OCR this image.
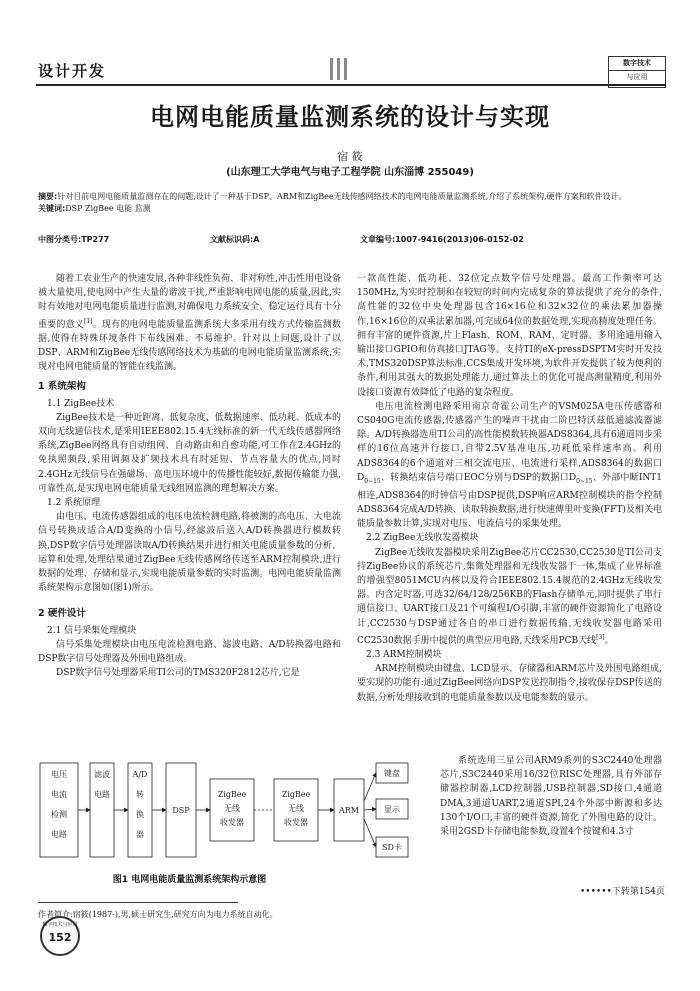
设计开发	数字技术
与应用
电网电能质量监测系统的设计与实现
宿 筱
(山东理工大学电气与电子工程学院 山东淄博 255049)
摘要:针对目前电网电能质量监测存在的问题,设计了一种基于DSP、ARM和ZigBee无线传感网络技术的电网电能质量监测系统,介绍了系统架构,硬件方案和软件设计。
关键词:DSP ZigBee 电能 监测
中图分类号:TP277	文献标识码:A	文章编号:1007-9416(2013)06-0152-02

随着工农业生产的快速发展,各种非线性负荷、非对称性,冲击性用电设备被大量使用,使电网中产生大量的谐波干扰,严重影响电网电能的质量,因此,实时有效地对电网电能质量进行监测,对确保电力系统安全、稳定运行具有十分重要的意义[1]。现有的电网电能质量监测系统大多采用有线方式传输监测数据,使得在特殊环境条件下布线困难、不易维护。针对以上问题,设计了以DSP、ARM和ZigBee无线传感网络技术为基础的电网电能质量监测系统,实现对电网电能质量的智能在线监测。

1 系统架构
1.1 ZigBee技术

ZigBee技术是一种近距离、低复杂度、低数据速率、低功耗、低成本的双向无线通信技术,是采用IEEE802.15.4无线标准的新一代无线传感器网络系统,ZigBee网络具有自动组网、自动路由和自愈功能,可工作在2.4GHz的免执照频段,采用调频及扩频技术具有时延短、节点容量大的优点,同时2.4GHz无线信号在强磁场、高电压环境中的传播性能较好,数据传输能力强,可靠性高,是实现电网电能质量无线组网监测的理想解决方案。

1.2 系统原理

由电压、电流传感器组成的电压电流检测电路,将被测的高电压、大电流信号转换成适合A/D变换的小信号,经滤波后送入A/D转换器进行模数转换,DSP数字信号处理器读取A/D转换结果并进行相关电能质量参数的分析、运算和处理,处理结果通过ZigBee无线传感网络传送至ARM控制模块,进行数据的处理、存储和显示,实现电能质量参数的实时监测。电网电能质量监测系统架构示意图如(图1)所示。

2 硬件设计
2.1 信号采集处理模块

信号采集处理模块由电压电流检测电路、滤波电路、A/D转换器电路和DSP数字信号处理器及外围电路组成。

DSP数字信号处理器采用TI公司的TMS320F2812芯片,它是

一款高性能、低功耗、32位定点数字信号处理器。最高工作频率可达150MHz,为实时控制和在较短的时间内完成复杂的算法提供了充分的条件,高性能的32位中央处理器包含16×16位和32×32位的乘法累加器操作,16×16位的双乘法累加器,可完成64位的数据处理,实现高精度处理任务。拥有丰富的硬件资源,片上Flash、ROM、RAM、定时器、多用途通用输入输出接口GPIO和仿真接口JTAG等。支持TI的eX-pressDSPTM实时开发技术,TMS320DSP算法标准,CCS集成开发环境,为软件开发提供了较为便利的条件,利用其强大的数据处理能力,通过算法上的优化可提高测量精度,利用外设接口资源有效降低了电路的复杂程度。

电压电流检测电路采用南京奇霍公司生产的VSM025A电压传感器和CS040G电流传感器,传感器产生的噪声干扰由二阶巴特沃兹低通滤波器滤除。A/D转换器选用TI公司的高性能模数转换器ADS8364,具有6通道同步采样的16位高速并行接口,自带2.5V基准电压,功耗低采样速率高。利用ADS8364的6个通道对三相交流电压、电流进行采样,ADS8364的数据口$D_{0\sim 15}$、转换结束信号端口EOC分别与DSP的数据口$D_{0\sim 15}$、外部中断INT1相连,ADS8364的时钟信号由DSP提供,DSP响应ARM控制模块的指令控制ADS8364完成A/D转换、读取转换数据,进行快速傅里叶变换(FFT)及相关电能质量参数计算,实现对电压、电流信号的采集处理。

2.2 ZigBee无线收发器模块

ZigBee无线收发器模块采用ZigBee芯片CC2530,CC2530是TI公司支持ZigBee协议的系统芯片,集微处理器和无线收发器于一体,集成了业界标准的增强型8051MCU内核以及符合IEEE802.15.4规范的2.4GHz无线收发器。内含定时器,可选32/64/128/256KB的Flash存储单元,同时提供了串行通信接口、UART接口及21个可编程I/O引脚,丰富的硬件资源简化了电路设计,CC2530与DSP通过各自的串口进行数据传输,无线收发器电路采用CC2530数据手册中提供的典型应用电路,天线采用PCB天线[3]。

2.3 ARM控制模块

ARM控制模块由键盘、LCD显示、存储器和ARM芯片及外围电路组成,要实现的功能有:通过ZigBee网络向DSP发送控制指令,接收保存DSP传送的数据,分析处理接收到的电能质量参数以及电能参数的显示。

电压电流检测电路
滤波电路
A/D 转换器
DSP
ZigBee 无线收发器
ZigBee 无线收发器
ARM
键盘
显示
SD卡
图1 电网电能质量监测系统架构示意图

系统选用三星公司ARM9系列的S3C2440处理器芯片,S3C2440采用16/32位RISC处理器,具有外部存储器控制器,LCD控制器,USB控制器,SD接口,4通道DMA,3通道UART,2通道SPI,24个外部中断源和多达130个I/O口,丰富的硬件资源,简化了外围电路的设计。采用2GSD卡存储电能参数,设置4个按键和4.3寸

••••••下转第154页
作者简介:宿筱(1987-),男,硕士研究生,研究方向为电力系统自动化。
数字技术与应用
152
